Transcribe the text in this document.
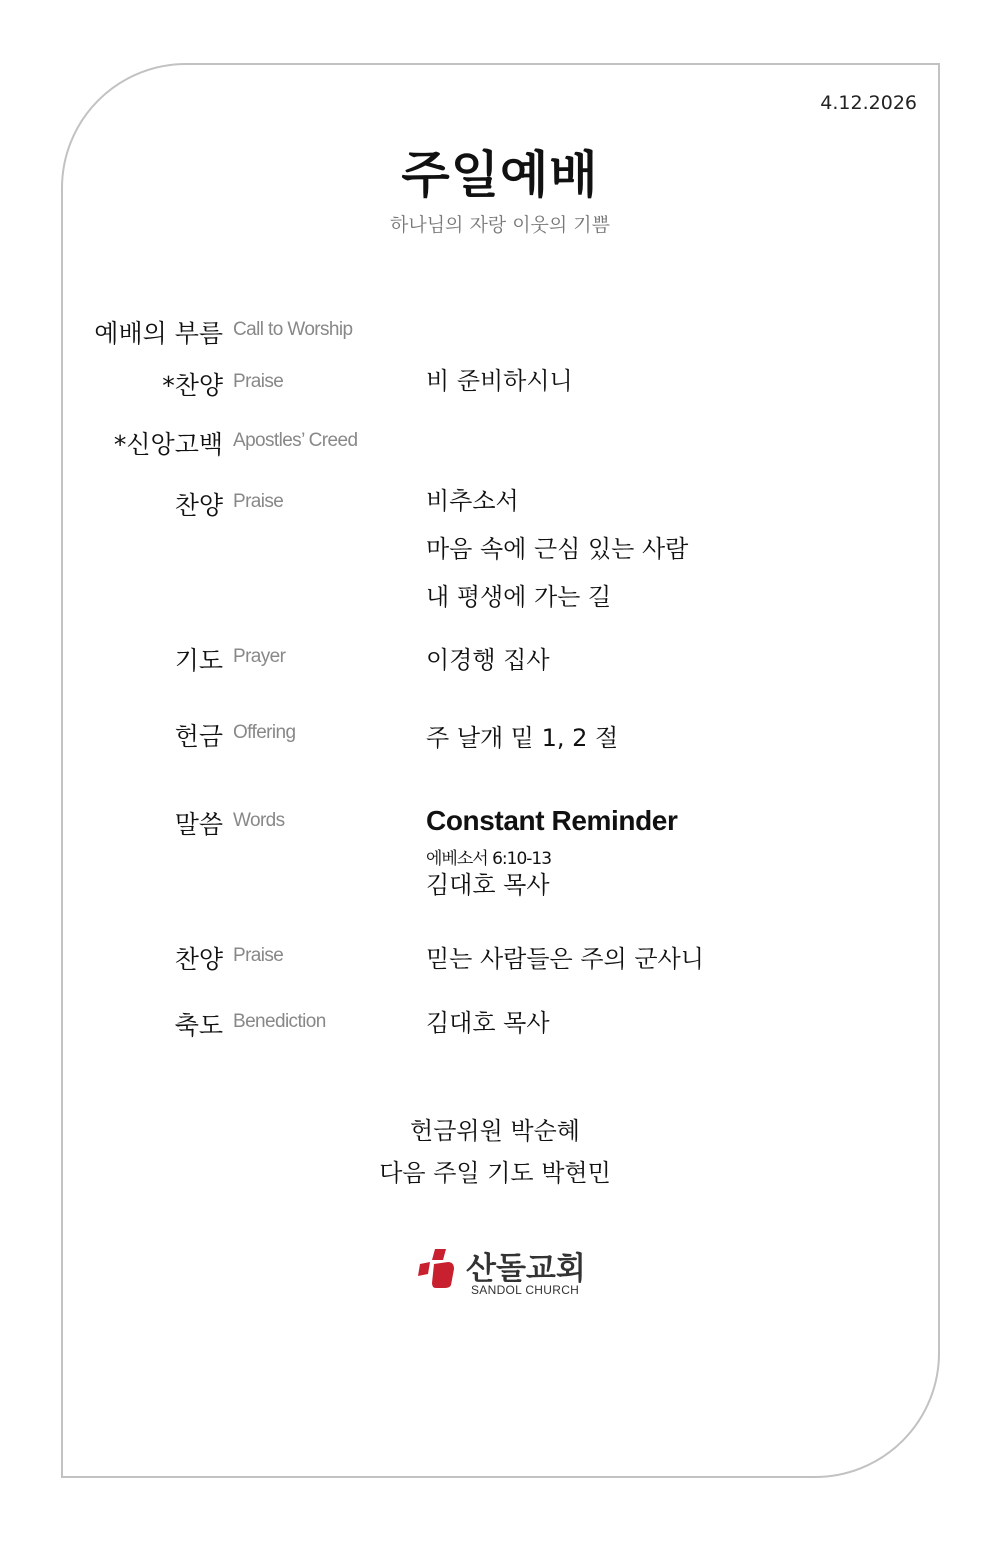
4.12.2026
주일예배
하나님의 자랑 이웃의 기쁨
예배의 부름 Call to Worship
*찬양 Praise	비 준비하시니
*신앙고백 Apostles’ Creed
찬양 Praise	비추소서
마음 속에 근심 있는 사람
내 평생에 가는 길
기도 Prayer	이경행 집사
헌금 Offering	주 날개 밑 1, 2 절
말씀 Words	Constant Reminder
에베소서 6:10-13
김대호 목사
찬양 Praise	믿는 사람들은 주의 군사니
축도 Benediction	김대호 목사
헌금위원 박순혜
다음 주일 기도 박현민
산돌교회
SANDOL CHURCH
